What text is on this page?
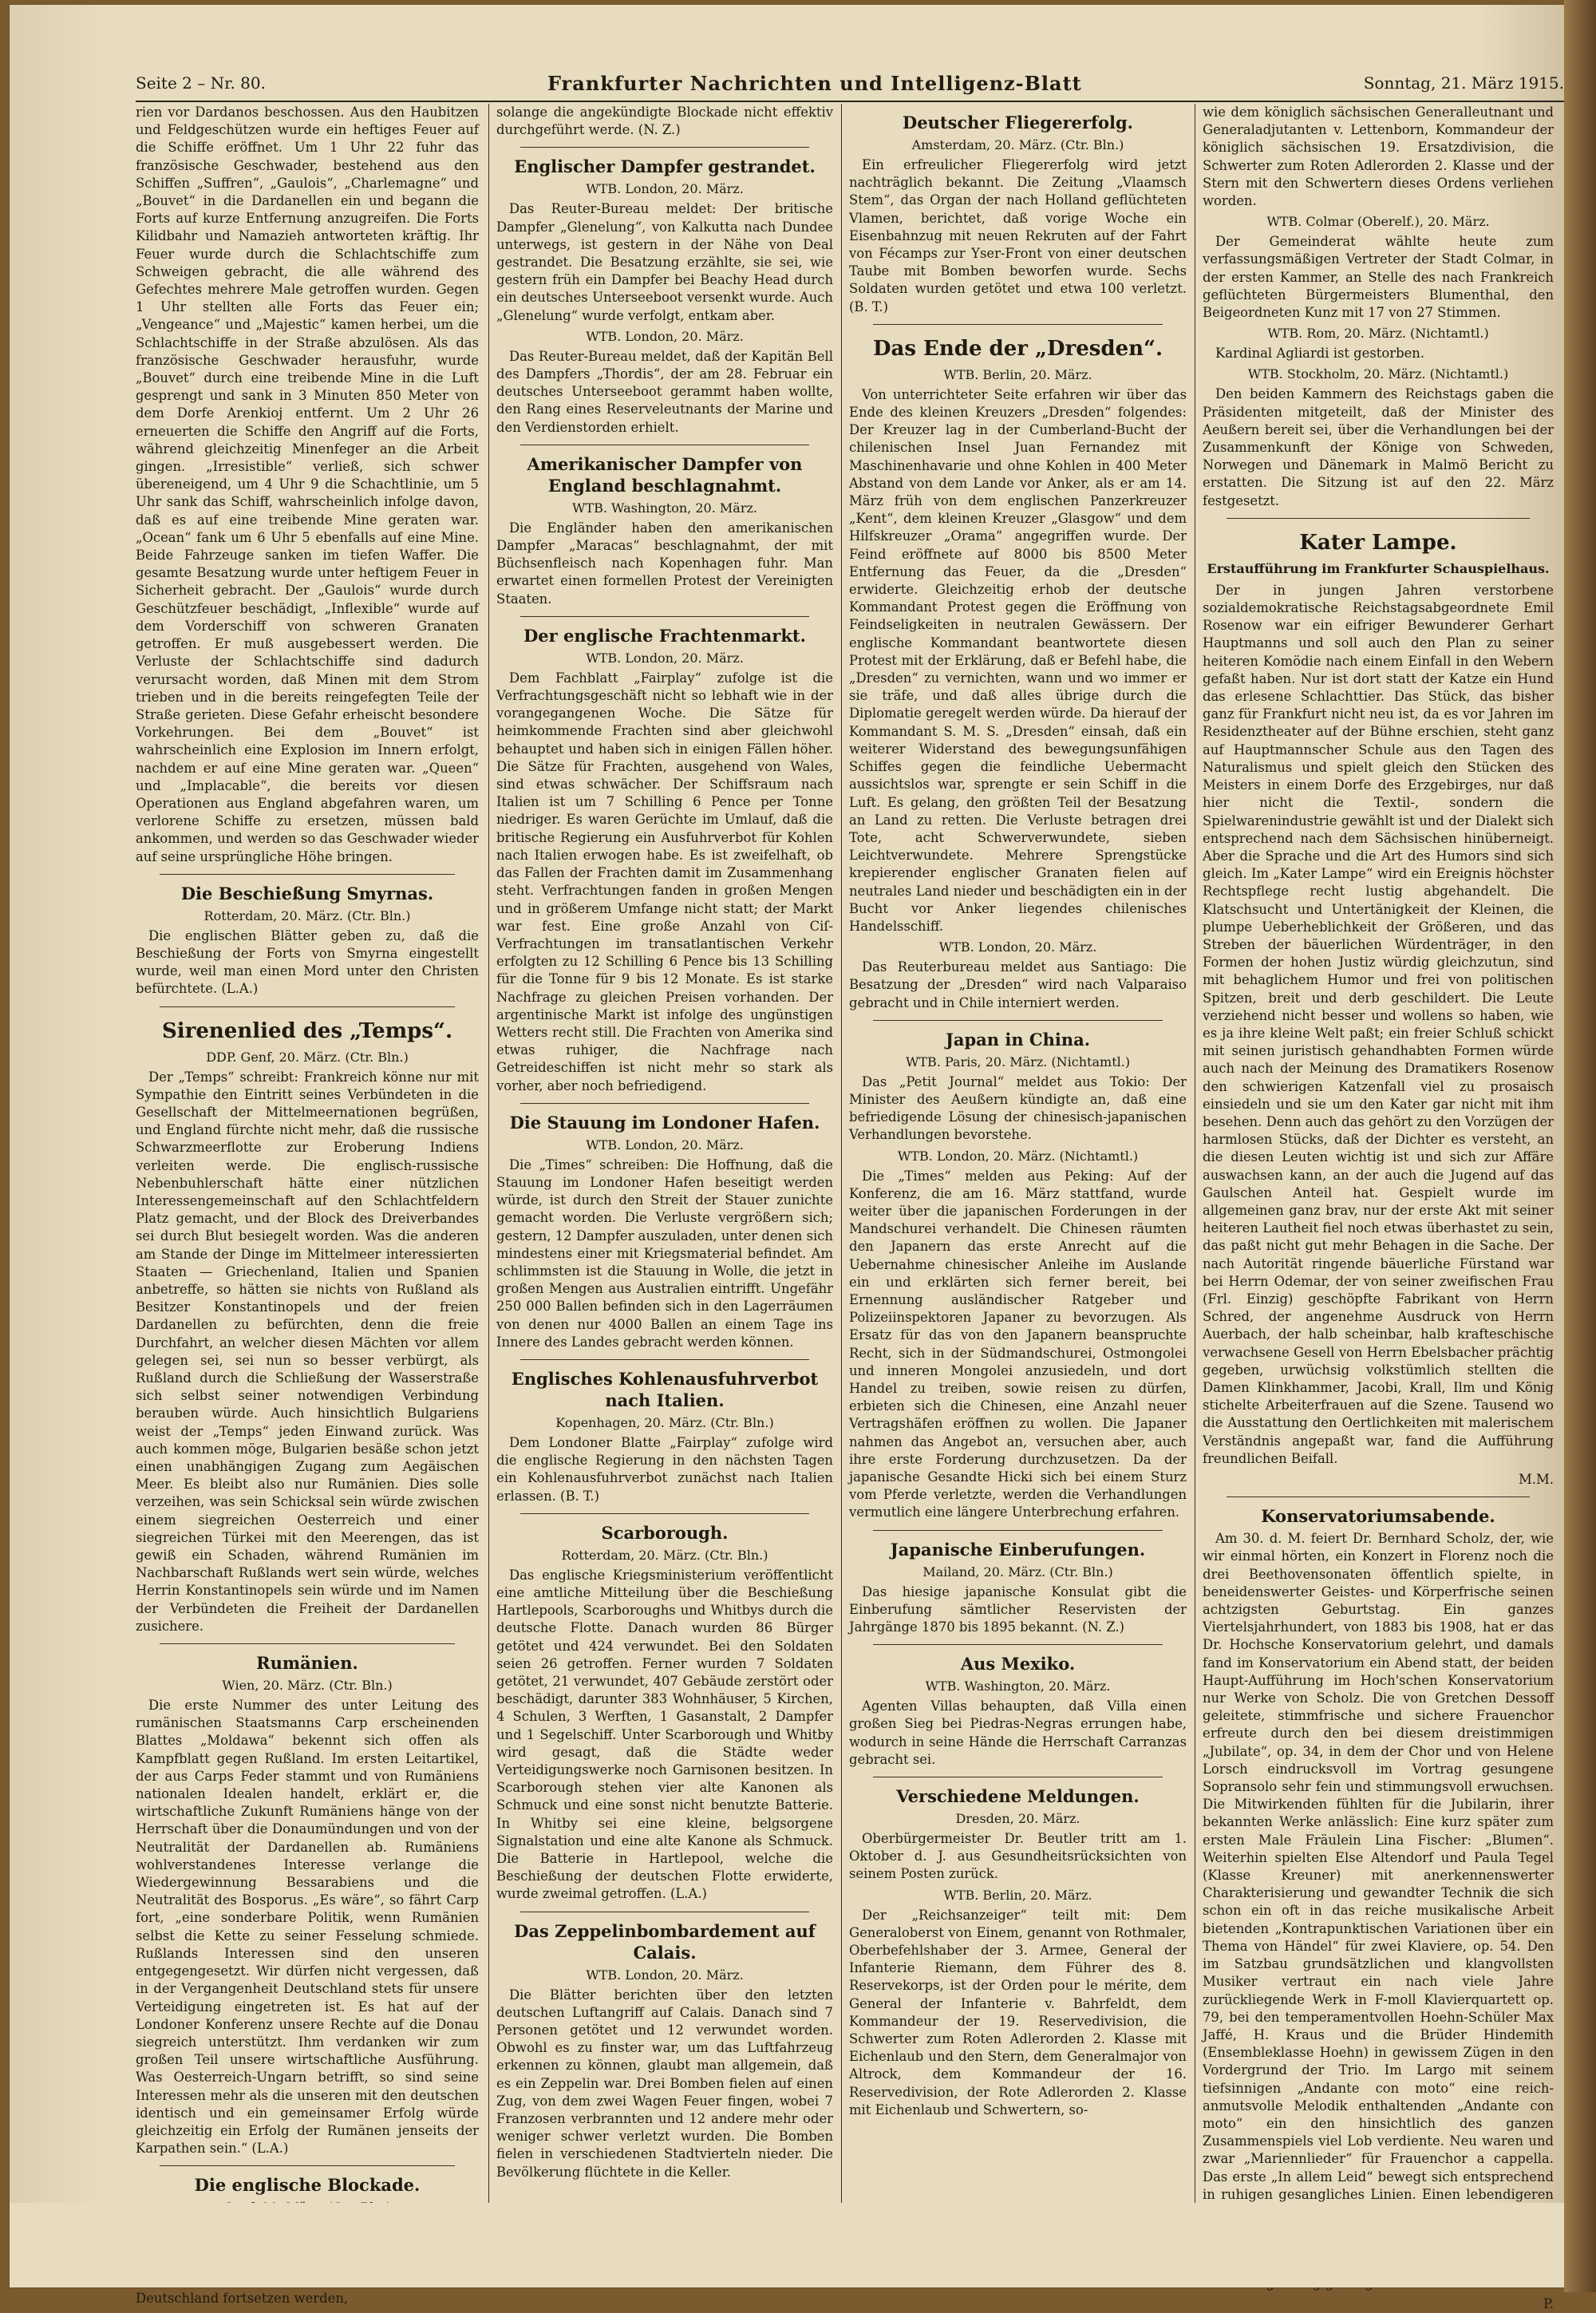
Seite 2 – Nr. 80.	Frankfurter Nachrichten und Intelligenz-Blatt	Sonntag, 21. März 1915.

rien vor Dardanos beschossen. Aus den Haubitzen und Feldgeschützen wurde ein heftiges Feuer auf die Schiffe eröffnet. Um 1 Uhr 22 fuhr das französische Geschwader, bestehend aus den Schiffen „Suffren“, „Gaulois“, „Charlemagne“ und „Bouvet“ in die Dardanellen ein und begann die Forts auf kurze Entfernung anzugreifen. Die Forts Kilidbahr und Namazieh antworteten kräftig. Ihr Feuer wurde durch die Schlachtschiffe zum Schweigen gebracht, die alle während des Gefechtes mehrere Male getroffen wurden. Gegen 1 Uhr stellten alle Forts das Feuer ein; „Vengeance“ und „Majestic“ kamen herbei, um die Schlachtschiffe in der Straße abzulösen. Als das französische Geschwader herausfuhr, wurde „Bouvet“ durch eine treibende Mine in die Luft gesprengt und sank in 3 Minuten 850 Meter von dem Dorfe Arenkioj entfernt. Um 2 Uhr 26 erneuerten die Schiffe den Angriff auf die Forts, während gleichzeitig Minenfeger an die Arbeit gingen. „Irresistible“ verließ, sich schwer übereneigend, um 4 Uhr 9 die Schachtlinie, um 5 Uhr sank das Schiff, wahrscheinlich infolge davon, daß es auf eine treibende Mine geraten war. „Ocean“ fank um 6 Uhr 5 ebenfalls auf eine Mine. Beide Fahrzeuge sanken im tiefen Waffer. Die gesamte Besatzung wurde unter heftigem Feuer in Sicherheit gebracht. Der „Gaulois“ wurde durch Geschützfeuer beschädigt, „Inflexible“ wurde auf dem Vorderschiff von schweren Granaten getroffen. Er muß ausgebessert werden. Die Verluste der Schlachtschiffe sind dadurch verursacht worden, daß Minen mit dem Strom trieben und in die bereits reingefegten Teile der Straße gerieten. Diese Gefahr erheischt besondere Vorkehrungen. Bei dem „Bouvet“ ist wahrscheinlich eine Explosion im Innern erfolgt, nachdem er auf eine Mine geraten war. „Queen“ und „Implacable“, die bereits vor diesen Operationen aus England abgefahren waren, um verlorene Schiffe zu ersetzen, müssen bald ankommen, und werden so das Geschwader wieder auf seine ursprüngliche Höhe bringen.

Die Beschießung Smyrnas.
Rotterdam, 20. März. (Ctr. Bln.)

Die englischen Blätter geben zu, daß die Beschießung der Forts von Smyrna eingestellt wurde, weil man einen Mord unter den Christen befürchtete. (L.A.)

Sirenenlied des „Temps“.
DDP. Genf, 20. März. (Ctr. Bln.)

Der „Temps“ schreibt: Frankreich könne nur mit Sympathie den Eintritt seines Verbündeten in die Gesellschaft der Mittelmeernationen begrüßen, und England fürchte nicht mehr, daß die russische Schwarzmeerflotte zur Eroberung Indiens verleiten werde. Die englisch-russische Nebenbuhlerschaft hätte einer nützlichen Interessengemeinschaft auf den Schlachtfeldern Platz gemacht, und der Block des Dreiverbandes sei durch Blut besiegelt worden. Was die anderen am Stande der Dinge im Mittelmeer interessierten Staaten — Griechenland, Italien und Spanien anbetreffe, so hätten sie nichts von Rußland als Besitzer Konstantinopels und der freien Dardanellen zu befürchten, denn die freie Durchfahrt, an welcher diesen Mächten vor allem gelegen sei, sei nun so besser verbürgt, als Rußland durch die Schließung der Wasserstraße sich selbst seiner notwendigen Verbindung berauben würde. Auch hinsichtlich Bulgariens weist der „Temps“ jeden Einwand zurück. Was auch kommen möge, Bulgarien besäße schon jetzt einen unabhängigen Zugang zum Aegäischen Meer. Es bleibt also nur Rumänien. Dies solle verzeihen, was sein Schicksal sein würde zwischen einem siegreichen Oesterreich und einer siegreichen Türkei mit den Meerengen, das ist gewiß ein Schaden, während Rumänien im Nachbarschaft Rußlands wert sein würde, welches Herrin Konstantinopels sein würde und im Namen der Verbündeten die Freiheit der Dardanellen zusichere.

Rumänien.
Wien, 20. März. (Ctr. Bln.)

Die erste Nummer des unter Leitung des rumänischen Staatsmanns Carp erscheinenden Blattes „Moldawa“ bekennt sich offen als Kampfblatt gegen Rußland. Im ersten Leitartikel, der aus Carps Feder stammt und von Rumäniens nationalen Idealen handelt, erklärt er, die wirtschaftliche Zukunft Rumäniens hänge von der Herrschaft über die Donaumündungen und von der Neutralität der Dardanellen ab. Rumäniens wohlverstandenes Interesse verlange die Wiedergewinnung Bessarabiens und die Neutralität des Bosporus. „Es wäre“, so fährt Carp fort, „eine sonderbare Politik, wenn Rumänien selbst die Kette zu seiner Fesselung schmiede. Rußlands Interessen sind den unseren entgegengesetzt. Wir dürfen nicht vergessen, daß in der Vergangenheit Deutschland stets für unsere Verteidigung eingetreten ist. Es hat auf der Londoner Konferenz unsere Rechte auf die Donau siegreich unterstützt. Ihm verdanken wir zum großen Teil unsere wirtschaftliche Ausführung. Was Oesterreich-Ungarn betrifft, so sind seine Interessen mehr als die unseren mit den deutschen identisch und ein gemeinsamer Erfolg würde gleichzeitig ein Erfolg der Rumänen jenseits der Karpathen sein.“ (L.A.)

Die englische Blockade.

Deutschland fortsetzen werden,

solange die angekündigte Blockade nicht effektiv durchgeführt werde. (N. Z.)

Englischer Dampfer gestrandet.
WTB. London, 20. März.

Das Reuter-Bureau meldet: Der britische Dampfer „Glenelung“, von Kalkutta nach Dundee unterwegs, ist gestern in der Nähe von Deal gestrandet. Die Besatzung erzählte, sie sei, wie gestern früh ein Dampfer bei Beachy Head durch ein deutsches Unterseeboot versenkt wurde. Auch „Glenelung“ wurde verfolgt, entkam aber.

WTB. London, 20. März.

Das Reuter-Bureau meldet, daß der Kapitän Bell des Dampfers „Thordis“, der am 28. Februar ein deutsches Unterseeboot gerammt haben wollte, den Rang eines Reserveleutnants der Marine und den Verdienstorden erhielt.

Amerikanischer Dampfer von England beschlagnahmt.
WTB. Washington, 20. März.

Die Engländer haben den amerikanischen Dampfer „Maracas“ beschlagnahmt, der mit Büchsenfleisch nach Kopenhagen fuhr. Man erwartet einen formellen Protest der Vereinigten Staaten.

Der englische Frachtenmarkt.
WTB. London, 20. März.

Dem Fachblatt „Fairplay“ zufolge ist die Verfrachtungsgeschäft nicht so lebhaft wie in der vorangegangenen Woche. Die Sätze für heimkommende Frachten sind aber gleichwohl behauptet und haben sich in einigen Fällen höher. Die Sätze für Frachten, ausgehend von Wales, sind etwas schwächer. Der Schiffsraum nach Italien ist um 7 Schilling 6 Pence per Tonne niedriger. Es waren Gerüchte im Umlauf, daß die britische Regierung ein Ausfuhrverbot für Kohlen nach Italien erwogen habe. Es ist zweifelhaft, ob das Fallen der Frachten damit im Zusammenhang steht. Verfrachtungen fanden in großen Mengen und in größerem Umfange nicht statt; der Markt war fest. Eine große Anzahl von Ciſ-Verfrachtungen im transatlantischen Verkehr erfolgten zu 12 Schilling 6 Pence bis 13 Schilling für die Tonne für 9 bis 12 Monate. Es ist starke Nachfrage zu gleichen Preisen vorhanden. Der argentinische Markt ist infolge des ungünstigen Wetters recht still. Die Frachten von Amerika sind etwas ruhiger, die Nachfrage nach Getreideschiffen ist nicht mehr so stark als vorher, aber noch befriedigend.

Die Stauung im Londoner Hafen.
WTB. London, 20. März.

Die „Times“ schreiben: Die Hoffnung, daß die Stauung im Londoner Hafen beseitigt werden würde, ist durch den Streit der Stauer zunichte gemacht worden. Die Verluste vergrößern sich; gestern, 12 Dampfer auszuladen, unter denen sich mindestens einer mit Kriegsmaterial befindet. Am schlimmsten ist die Stauung in Wolle, die jetzt in großen Mengen aus Australien eintrifft. Ungefähr 250 000 Ballen befinden sich in den Lagerräumen von denen nur 4000 Ballen an einem Tage ins Innere des Landes gebracht werden können.

Englisches Kohlenausfuhrverbot nach Italien.
Kopenhagen, 20. März. (Ctr. Bln.)

Dem Londoner Blatte „Fairplay“ zufolge wird die englische Regierung in den nächsten Tagen ein Kohlenausfuhrverbot zunächst nach Italien erlassen. (B. T.)

Scarborough.
Rotterdam, 20. März. (Ctr. Bln.)

Das englische Kriegsministerium veröffentlicht eine amtliche Mitteilung über die Beschießung Hartlepools, Scarboroughs und Whitbys durch die deutsche Flotte. Danach wurden 86 Bürger getötet und 424 verwundet. Bei den Soldaten seien 26 getroffen. Ferner wurden 7 Soldaten getötet, 21 verwundet, 407 Gebäude zerstört oder beschädigt, darunter 383 Wohnhäuser, 5 Kirchen, 4 Schulen, 3 Werften, 1 Gasanstalt, 2 Dampfer und 1 Segelschiff. Unter Scarborough und Whitby wird gesagt, daß die Städte weder Verteidigungswerke noch Garnisonen besitzen. In Scarborough stehen vier alte Kanonen als Schmuck und eine sonst nicht benutzte Batterie. In Whitby sei eine kleine, belgsorgene Signalstation und eine alte Kanone als Schmuck. Die Batterie in Hartlepool, welche die Beschießung der deutschen Flotte erwiderte, wurde zweimal getroffen. (L.A.)

Das Zeppelinbombardement auf Calais.
WTB. London, 20. März.

Die Blätter berichten über den letzten deutschen Luftangriff auf Calais. Danach sind 7 Personen getötet und 12 verwundet worden. Obwohl es zu finster war, um das Luftfahrzeug erkennen zu können, glaubt man allgemein, daß es ein Zeppelin war. Drei Bomben fielen auf einen Zug, von dem zwei Wagen Feuer fingen, wobei 7 Franzosen verbrannten und 12 andere mehr oder weniger schwer verletzt wurden. Die Bomben fielen in verschiedenen Stadtvierteln nieder. Die Bevölkerung flüchtete in die Keller.

Deutscher Fliegererfolg.
Amsterdam, 20. März. (Ctr. Bln.)

Ein erfreulicher Fliegererfolg wird jetzt nachträglich bekannt. Die Zeitung „Vlaamsch Stem“, das Organ der nach Holland geflüchteten Vlamen, berichtet, daß vorige Woche ein Eisenbahnzug mit neuen Rekruten auf der Fahrt von Fécamps zur Yser-Front von einer deutschen Taube mit Bomben beworfen wurde. Sechs Soldaten wurden getötet und etwa 100 verletzt. (B. T.)

Das Ende der „Dresden“.
WTB. Berlin, 20. März.

Von unterrichteter Seite erfahren wir über das Ende des kleinen Kreuzers „Dresden“ folgendes: Der Kreuzer lag in der Cumberland-Bucht der chilenischen Insel Juan Fernandez mit Maschinenhavarie und ohne Kohlen in 400 Meter Abstand von dem Lande vor Anker, als er am 14. März früh von dem englischen Panzerkreuzer „Kent“, dem kleinen Kreuzer „Glasgow“ und dem Hilfskreuzer „Orama“ angegriffen wurde. Der Feind eröffnete auf 8000 bis 8500 Meter Entfernung das Feuer, da die „Dresden“ erwiderte. Gleichzeitig erhob der deutsche Kommandant Protest gegen die Eröffnung von Feindseligkeiten in neutralen Gewässern. Der englische Kommandant beantwortete diesen Protest mit der Erklärung, daß er Befehl habe, die „Dresden“ zu vernichten, wann und wo immer er sie träfe, und daß alles übrige durch die Diplomatie geregelt werden würde. Da hierauf der Kommandant S. M. S. „Dresden“ einsah, daß ein weiterer Widerstand des bewegungsunfähigen Schiffes gegen die feindliche Uebermacht aussichtslos war, sprengte er sein Schiff in die Luft. Es gelang, den größten Teil der Besatzung an Land zu retten. Die Verluste betragen drei Tote, acht Schwerverwundete, sieben Leichtverwundete. Mehrere Sprengstücke krepierender englischer Granaten fielen auf neutrales Land nieder und beschädigten ein in der Bucht vor Anker liegendes chilenisches Handelsschiff.

WTB. London, 20. März.

Das Reuterbureau meldet aus Santiago: Die Besatzung der „Dresden“ wird nach Valparaiso gebracht und in Chile interniert werden.

Japan in China.
WTB. Paris, 20. März. (Nichtamtl.)

Das „Petit Journal“ meldet aus Tokio: Der Minister des Aeußern kündigte an, daß eine befriedigende Lösung der chinesisch-japanischen Verhandlungen bevorstehe.

WTB. London, 20. März. (Nichtamtl.)

Die „Times“ melden aus Peking: Auf der Konferenz, die am 16. März stattfand, wurde weiter über die japanischen Forderungen in der Mandschurei verhandelt. Die Chinesen räumten den Japanern das erste Anrecht auf die Uebernahme chinesischer Anleihe im Auslande ein und erklärten sich ferner bereit, bei Ernennung ausländischer Ratgeber und Polizeiinspektoren Japaner zu bevorzugen. Als Ersatz für das von den Japanern beanspruchte Recht, sich in der Südmandschurei, Ostmongolei und inneren Mongolei anzusiedeln, und dort Handel zu treiben, sowie reisen zu dürfen, erbieten sich die Chinesen, eine Anzahl neuer Vertragshäfen eröffnen zu wollen. Die Japaner nahmen das Angebot an, versuchen aber, auch ihre erste Forderung durchzusetzen. Da der japanische Gesandte Hicki sich bei einem Sturz vom Pferde verletzte, werden die Verhandlungen vermutlich eine längere Unterbrechung erfahren.

Japanische Einberufungen.
Mailand, 20. März. (Ctr. Bln.)

Das hiesige japanische Konsulat gibt die Einberufung sämtlicher Reservisten der Jahrgänge 1870 bis 1895 bekannt. (N. Z.)

Aus Mexiko.
WTB. Washington, 20. März.

Agenten Villas behaupten, daß Villa einen großen Sieg bei Piedras-Negras errungen habe, wodurch in seine Hände die Herrschaft Carranzas gebracht sei.

Verschiedene Meldungen.
Dresden, 20. März.

Oberbürgermeister Dr. Beutler tritt am 1. Oktober d. J. aus Gesundheitsrücksichten von seinem Posten zurück.

WTB. Berlin, 20. März.

Der „Reichsanzeiger“ teilt mit: Dem Generaloberst von Einem, genannt von Rothmaler, Oberbefehlshaber der 3. Armee, General der Infanterie Riemann, dem Führer des 8. Reservekorps, ist der Orden pour le mérite, dem General der Infanterie v. Bahrfeldt, dem Kommandeur der 19. Reservedivision, die Schwerter zum Roten Adlerorden 2. Klasse mit Eichenlaub und den Stern, dem Generalmajor von Altrock, dem Kommandeur der 16. Reservedivision, der Rote Adlerorden 2. Klasse mit Eichenlaub und Schwertern, so-

wie dem königlich sächsischen Generalleutnant und Generaladjutanten v. Lettenborn, Kommandeur der königlich sächsischen 19. Ersatzdivision, die Schwerter zum Roten Adlerorden 2. Klasse und der Stern mit den Schwertern dieses Ordens verliehen worden.

WTB. Colmar (Oberelf.), 20. März.

Der Gemeinderat wählte heute zum verfassungsmäßigen Vertreter der Stadt Colmar, in der ersten Kammer, an Stelle des nach Frankreich geflüchteten Bürgermeisters Blumenthal, den Beigeordneten Kunz mit 17 von 27 Stimmen.

WTB. Rom, 20. März. (Nichtamtl.)

Kardinal Agliardi ist gestorben.

WTB. Stockholm, 20. März. (Nichtamtl.)

Den beiden Kammern des Reichstags gaben die Präsidenten mitgeteilt, daß der Minister des Aeußern bereit sei, über die Verhandlungen bei der Zusammenkunft der Könige von Schweden, Norwegen und Dänemark in Malmö Bericht zu erstatten. Die Sitzung ist auf den 22. März festgesetzt.

Kater Lampe.
Erstaufführung im Frankfurter Schauspielhaus.

Der in jungen Jahren verstorbene sozialdemokratische Reichstagsabgeordnete Emil Rosenow war ein eifriger Bewunderer Gerhart Hauptmanns und soll auch den Plan zu seiner heiteren Komödie nach einem Einfall in den Webern gefaßt haben. Nur ist dort statt der Katze ein Hund das erlesene Schlachttier. Das Stück, das bisher ganz für Frankfurt nicht neu ist, da es vor Jahren im Residenztheater auf der Bühne erschien, steht ganz auf Hauptmannscher Schule aus den Tagen des Naturalismus und spielt gleich den Stücken des Meisters in einem Dorfe des Erzgebirges, nur daß hier nicht die Textil-, sondern die Spielwarenindustrie gewählt ist und der Dialekt sich entsprechend nach dem Sächsischen hinüberneigt. Aber die Sprache und die Art des Humors sind sich gleich. Im „Kater Lampe“ wird ein Ereignis höchster Rechtspflege recht lustig abgehandelt. Die Klatschsucht und Untertänigkeit der Kleinen, die plumpe Ueberheblichkeit der Größeren, und das Streben der bäuerlichen Würdenträger, in den Formen der hohen Justiz würdig gleichzutun, sind mit behaglichem Humor und frei von politischen Spitzen, breit und derb geschildert. Die Leute verziehend nicht besser und wollens so haben, wie es ja ihre kleine Welt paßt; ein freier Schluß schickt mit seinen juristisch gehandhabten Formen würde auch nach der Meinung des Dramatikers Rosenow den schwierigen Katzenfall viel zu prosaisch einsiedeln und sie um den Kater gar nicht mit ihm besehen. Denn auch das gehört zu den Vorzügen der harmlosen Stücks, daß der Dichter es versteht, an die diesen Leuten wichtig ist und sich zur Affäre auswachsen kann, an der auch die Jugend auf das Gaulschen Anteil hat. Gespielt wurde im allgemeinen ganz brav, nur der erste Akt mit seiner heiteren Lautheit fiel noch etwas überhastet zu sein, das paßt nicht gut mehr Behagen in die Sache. Der nach Autorität ringende bäuerliche Fürstand war bei Herrn Odemar, der von seiner zweifischen Frau (Frl. Einzig) geschöpfte Fabrikant von Herrn Schred, der angenehme Ausdruck von Herrn Auerbach, der halb scheinbar, halb krafteschische verwachsene Gesell von Herrn Ebelsbacher prächtig gegeben, urwüchsig volkstümlich stellten die Damen Klinkhammer, Jacobi, Krall, Ilm und König stichelte Arbeiterfrauen auf die Szene. Tausend wo die Ausstattung den Oertlichkeiten mit malerischem Verständnis angepaßt war, fand die Aufführung freundlichen Beifall.

M.M.
Konservatoriumsabende.

Am 30. d. M. feiert Dr. Bernhard Scholz, der, wie wir einmal hörten, ein Konzert in Florenz noch die drei Beethovensonaten öffentlich spielte, in beneidenswerter Geistes- und Körperfrische seinen achtzigsten Geburtstag. Ein ganzes Viertelsjahrhundert, von 1883 bis 1908, hat er das Dr. Hochsche Konservatorium gelehrt, und damals fand im Konservatorium ein Abend statt, der beiden Haupt-Aufführung im Hoch'schen Konservatorium nur Werke von Scholz. Die von Gretchen Dessoff geleitete, stimmfrische und sichere Frauenchor erfreute durch den bei diesem dreistimmigen „Jubilate“, op. 34, in dem der Chor und von Helene Lorsch eindrucksvoll im Vortrag gesungene Sopransolo sehr fein und stimmungsvoll erwuchsen. Die Mitwirkenden fühlten für die Jubilarin, ihrer bekannten Werke anlässlich: Eine kurz später zum ersten Male Fräulein Lina Fischer: „Blumen“. Weiterhin spielten Else Altendorf und Paula Tegel (Klasse Kreuner) mit anerkennenswerter Charakterisierung und gewandter Technik die sich schon ein oft in das reiche musikalische Arbeit bietenden „Kontrapunktischen Variationen über ein Thema von Händel“ für zwei Klaviere, op. 54. Den im Satzbau grundsätzlichen und klangvollsten Musiker vertraut ein nach viele Jahre zurückliegende Werk in F-moll Klavierquartett op. 79, bei den temperamentvollen Hoehn-Schüler Max Jaffé, H. Kraus und die Brüder Hindemith (Ensembleklasse Hoehn) in gewissem Zügen in den Vordergrund der Trio. Im Largo mit seinem tiefsinnigen „Andante con moto“ eine reich-anmutsvolle Melodik enthaltenden „Andante con moto“ ein den hinsichtlich des ganzen Zusammenspiels viel Lob verdiente. Neu waren und zwar „Mariennlieder“ für Frauenchor a cappella. Das erste „In allem Leid“ bewegt sich entsprechend in ruhigen gesangliches Linien. Einen lebendigeren

P.
